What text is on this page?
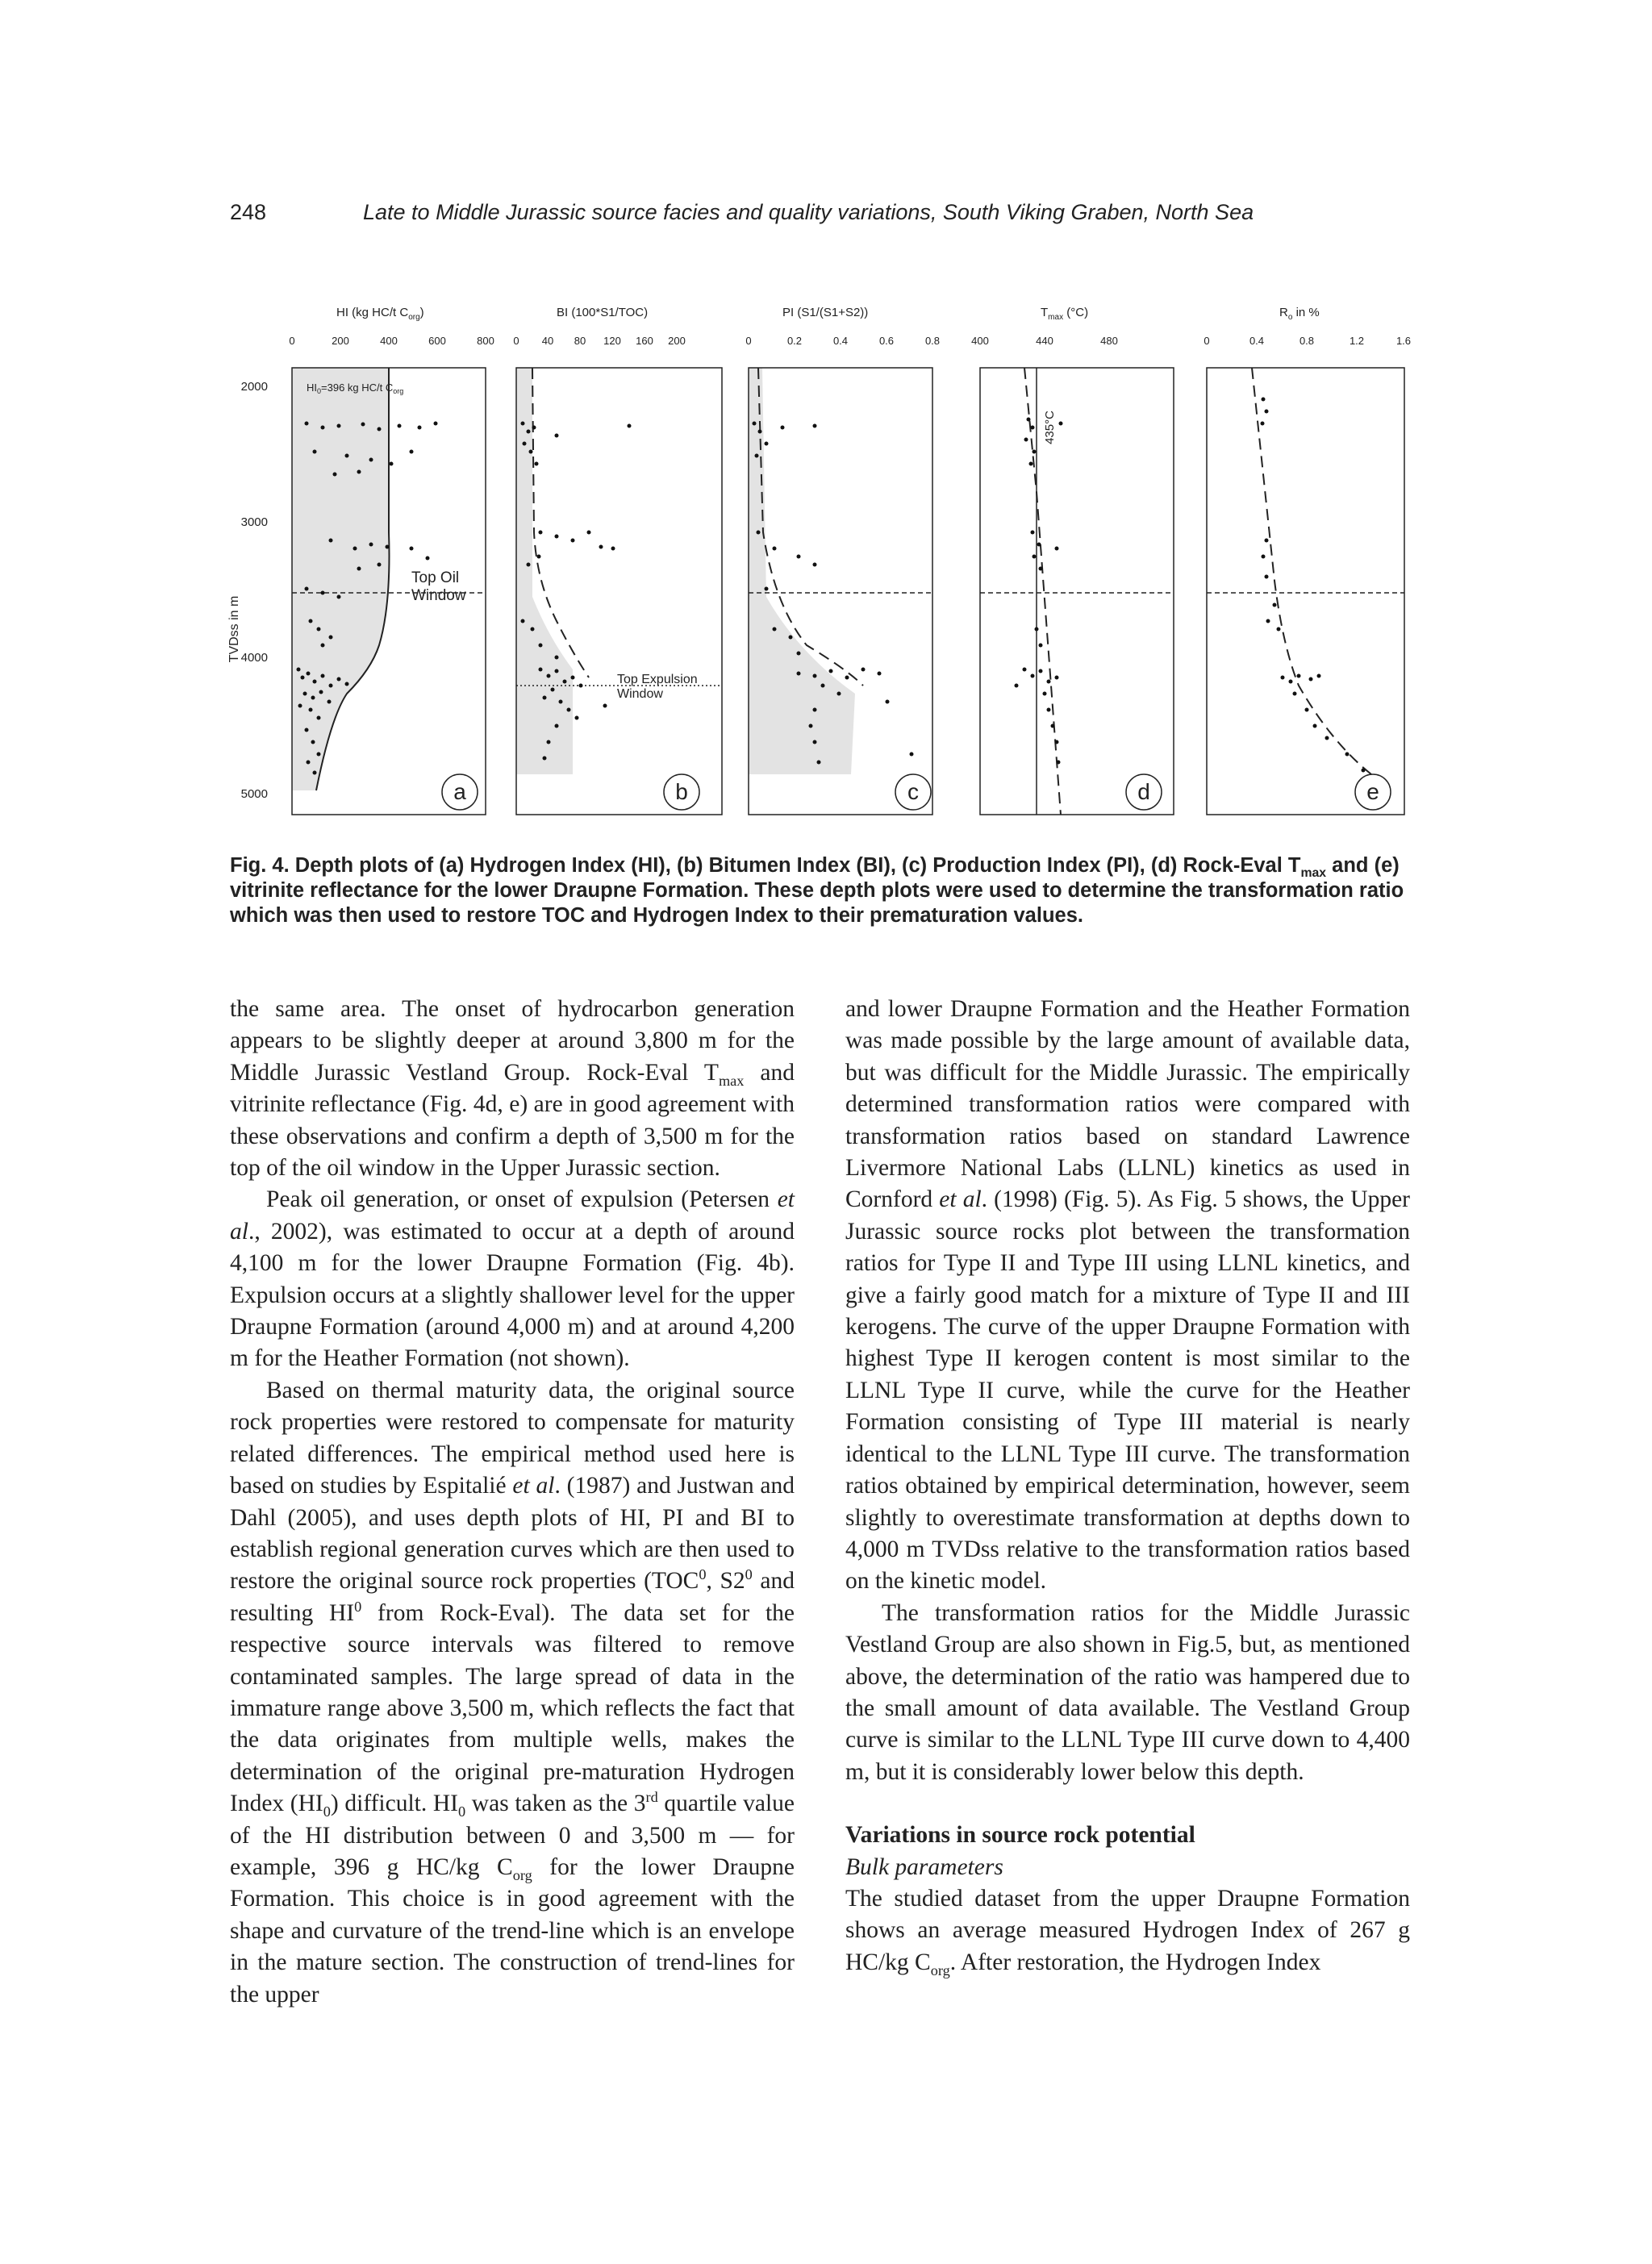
248	Late to Middle Jurassic source facies and quality variations, South Viking Graben, North Sea
TVDss in m
2000
3000
4000
5000
HI (kg HC/t $C_{org}$)
0	200	400	600	800
$HI_0=396$ kg HC/t $C_{org}$
Top Oil
Window
a
BI (100*S1/TOC)
0 40 80 120 160 200
Top Expulsion
Window
b
PI (S1/(S1+S2))
0	0.2	0.4	0.6	0.8
c
$T_{max}$ (°C)
400	440	480
435°C
d
$R_o$ in %
0	0.4	0.8	1.2	1.6
e
Fig. 4. Depth plots of (a) Hydrogen Index (HI), (b) Bitumen Index (BI), (c) Production Index (PI), (d) Rock-Eval $T_{max}$ and (e) vitrinite reflectance for the lower Draupne Formation. These depth plots were used to determine the transformation ratio which was then used to restore TOC and Hydrogen Index to their prematuration values.

the same area. The onset of hydrocarbon generation appears to be slightly deeper at around 3,800 m for the Middle Jurassic Vestland Group. Rock-Eval $T_{max}$ and vitrinite reflectance (Fig. 4d, e) are in good agreement with these observations and confirm a depth of 3,500 m for the top of the oil window in the Upper Jurassic section.

Peak oil generation, or onset of expulsion (Petersen et al., 2002), was estimated to occur at a depth of around 4,100 m for the lower Draupne Formation (Fig. 4b). Expulsion occurs at a slightly shallower level for the upper Draupne Formation (around 4,000 m) and at around 4,200 m for the Heather Formation (not shown).

Based on thermal maturity data, the original source rock properties were restored to compensate for maturity related differences. The empirical method used here is based on studies by Espitalié et al. (1987) and Justwan and Dahl (2005), and uses depth plots of HI, PI and BI to establish regional generation curves which are then used to restore the original source rock properties (TOC$^0$, $S2^0$ and resulting $HI^0$ from Rock-Eval). The data set for the respective source intervals was filtered to remove contaminated samples. The large spread of data in the immature range above 3,500 m, which reflects the fact that the data originates from multiple wells, makes the determination of the original pre-maturation Hydrogen Index $(HI_0)$ difficult. $HI_0$ was taken as the 3rd quartile value of the HI distribution between 0 and 3,500 m — for example, 396 g HC/kg $C_{org}$ for the lower Draupne Formation. This choice is in good agreement with the shape and curvature of the trend-line which is an envelope in the mature section. The construction of trend-lines for the upper

and lower Draupne Formation and the Heather Formation was made possible by the large amount of available data, but was difficult for the Middle Jurassic. The empirically determined transformation ratios were compared with transformation ratios based on standard Lawrence Livermore National Labs (LLNL) kinetics as used in Cornford et al. (1998) (Fig. 5). As Fig. 5 shows, the Upper Jurassic source rocks plot between the transformation ratios for Type II and Type III using LLNL kinetics, and give a fairly good match for a mixture of Type II and III kerogens. The curve of the upper Draupne Formation with highest Type II kerogen content is most similar to the LLNL Type II curve, while the curve for the Heather Formation consisting of Type III material is nearly identical to the LLNL Type III curve. The transformation ratios obtained by empirical determination, however, seem slightly to overestimate transformation at depths down to 4,000 m TVDss relative to the transformation ratios based on the kinetic model.

The transformation ratios for the Middle Jurassic Vestland Group are also shown in Fig.5, but, as mentioned above, the determination of the ratio was hampered due to the small amount of data available. The Vestland Group curve is similar to the LLNL Type III curve down to 4,400 m, but it is considerably lower below this depth.

Variations in source rock potential

Bulk parameters

The studied dataset from the upper Draupne Formation shows an average measured Hydrogen Index of 267 g HC/kg $C_{org}$. After restoration, the Hydrogen Index
